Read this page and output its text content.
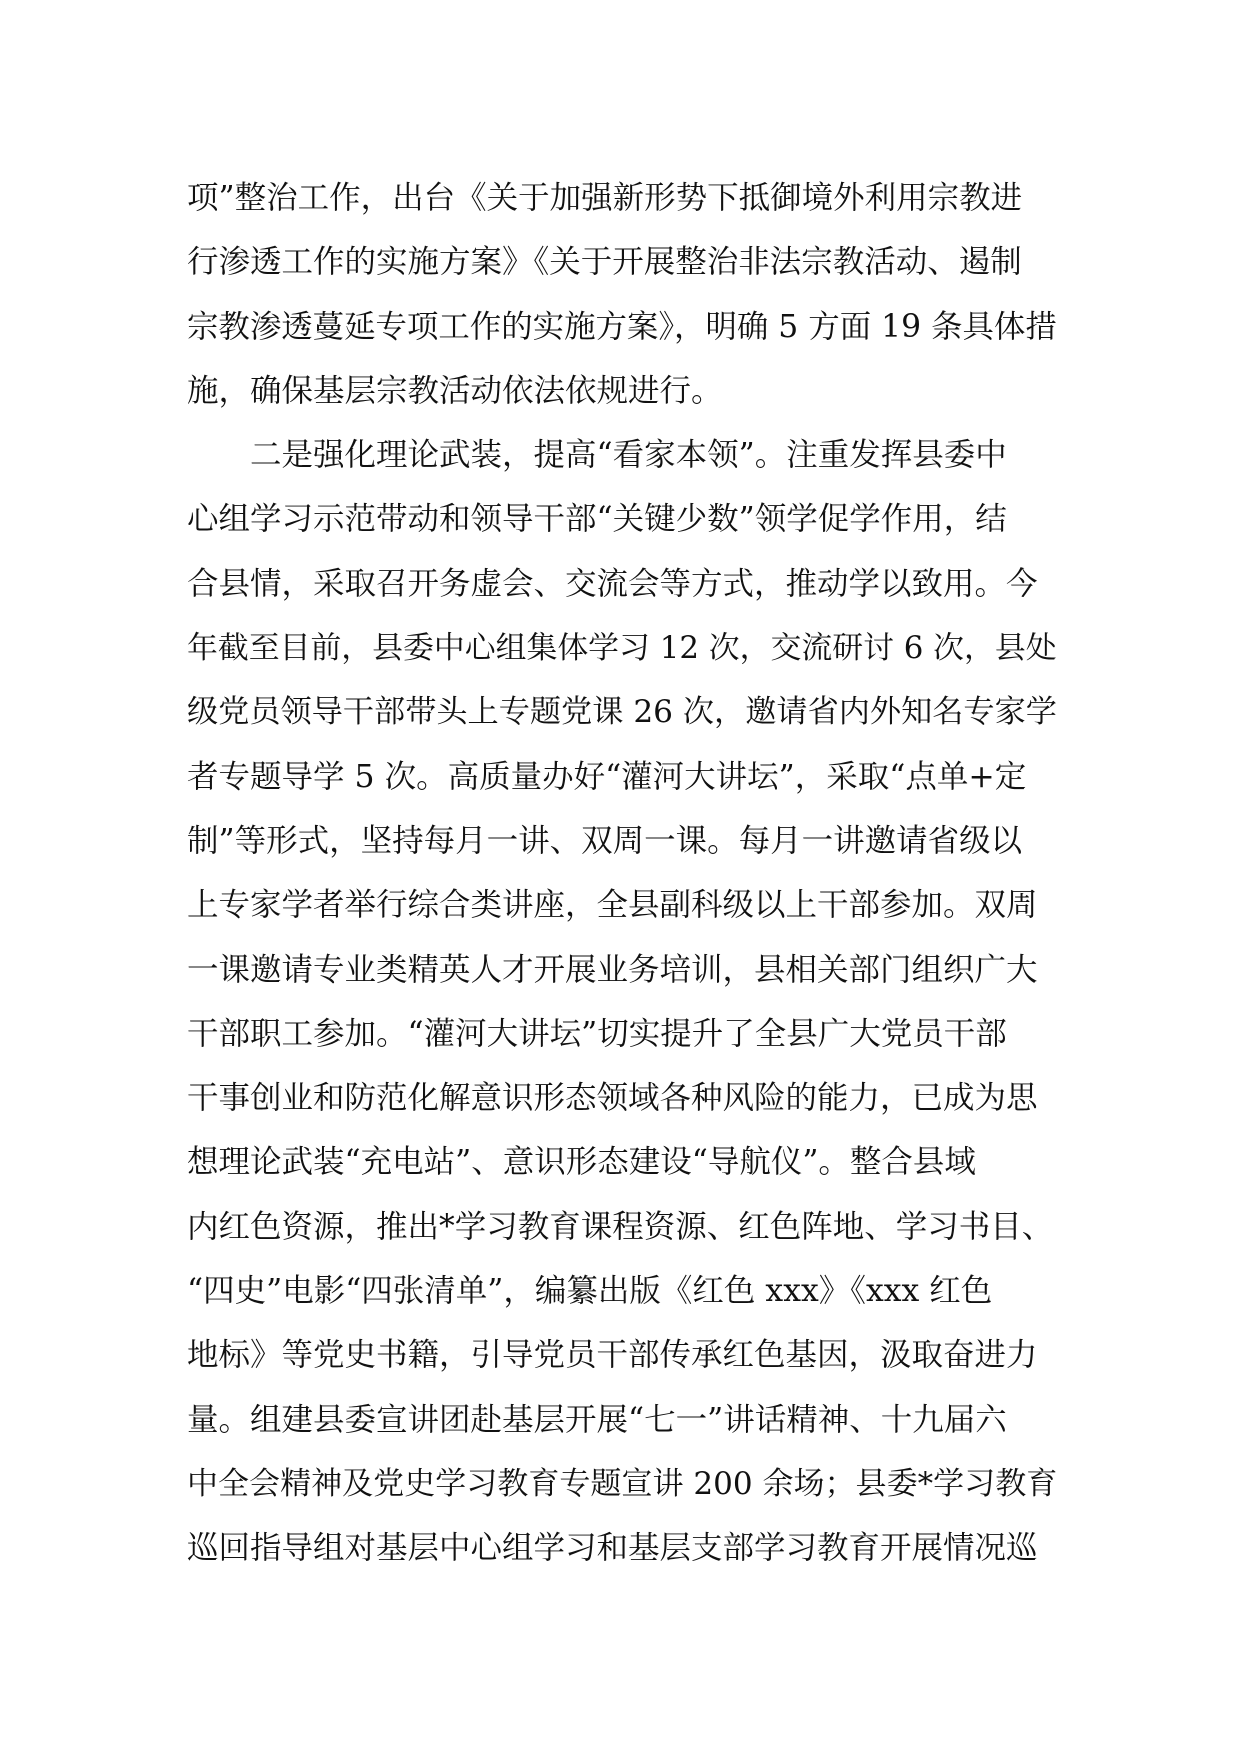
项”整治工作，出台《关于加强新形势下抵御境外利用宗教进
行渗透工作的实施方案》《关于开展整治非法宗教活动、遏制
宗教渗透蔓延专项工作的实施方案》，明确 5 方面 19 条具体措
施，确保基层宗教活动依法依规进行。
　　二是强化理论武装，提高“看家本领”。注重发挥县委中
心组学习示范带动和领导干部“关键少数”领学促学作用，结
合县情，采取召开务虚会、交流会等方式，推动学以致用。今
年截至目前，县委中心组集体学习 12 次，交流研讨 6 次，县处
级党员领导干部带头上专题党课 26 次，邀请省内外知名专家学
者专题导学 5 次。高质量办好“灌河大讲坛”，采取“点单+定
制”等形式，坚持每月一讲、双周一课。每月一讲邀请省级以
上专家学者举行综合类讲座，全县副科级以上干部参加。双周
一课邀请专业类精英人才开展业务培训，县相关部门组织广大
干部职工参加。“灌河大讲坛”切实提升了全县广大党员干部
干事创业和防范化解意识形态领域各种风险的能力，已成为思
想理论武装“充电站”、意识形态建设“导航仪”。整合县域
内红色资源，推出*学习教育课程资源、红色阵地、学习书目、
“四史”电影“四张清单”，编纂出版《红色 xxx》《xxx 红色
地标》等党史书籍，引导党员干部传承红色基因，汲取奋进力
量。组建县委宣讲团赴基层开展“七一”讲话精神、十九届六
中全会精神及党史学习教育专题宣讲 200 余场；县委*学习教育
巡回指导组对基层中心组学习和基层支部学习教育开展情况巡
